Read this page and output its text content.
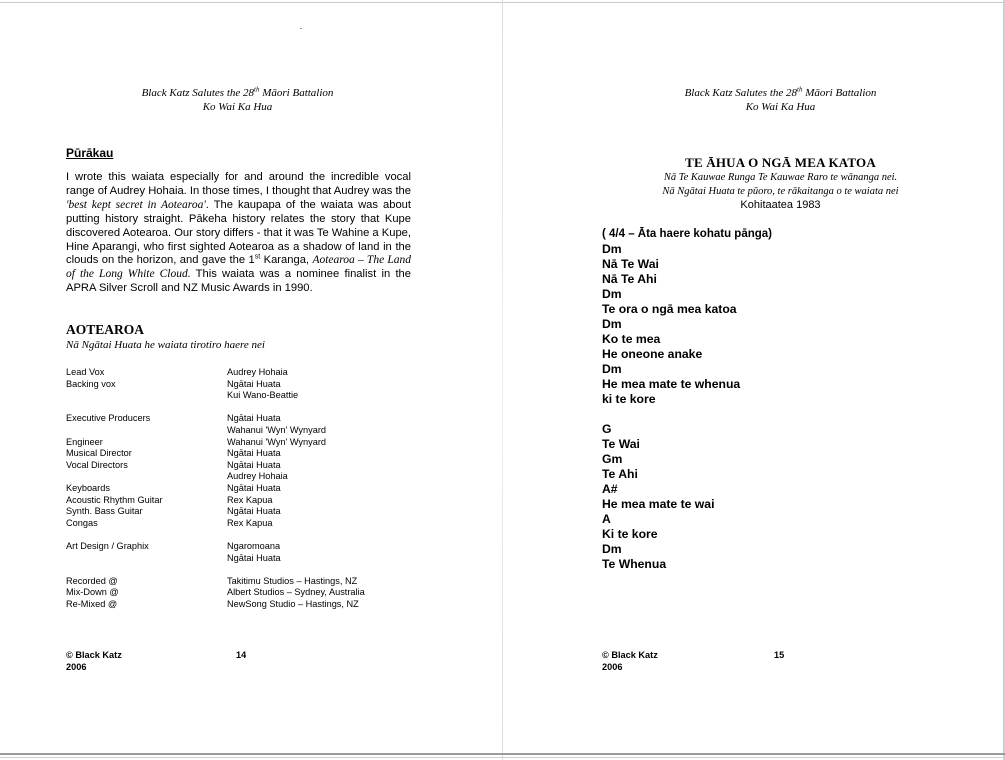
Black Katz Salutes the 28th Māori Battalion
Ko Wai Ka Hua
Pūrākau
I wrote this waiata especially for and around the incredible vocal range of Audrey Hohaia. In those times, I thought that Audrey was the 'best kept secret in Aotearoa'. The kaupapa of the waiata was about putting history straight. Pākeha history relates the story that Kupe discovered Aotearoa. Our story differs - that it was Te Wahine a Kupe, Hine Aparangi, who first sighted Aotearoa as a shadow of land in the clouds on the horizon, and gave the 1st Karanga, Aotearoa – The Land of the Long White Cloud. This waiata was a nominee finalist in the APRA Silver Scroll and NZ Music Awards in 1990.
AOTEAROA
Nā Ngātai Huata he waiata tirotiro haere nei
Lead Vox	Audrey Hohaia
Backing vox	Ngātai Huata
Kui Wano-Beattie
Executive Producers	Ngātai Huata
Wahanui 'Wyn' Wynyard
Engineer	Wahanui 'Wyn' Wynyard
Musical Director	Ngātai Huata
Vocal Directors	Ngātai Huata
Audrey Hohaia
Keyboards	Ngātai Huata
Acoustic Rhythm Guitar	Rex Kapua
Synth. Bass Guitar	Ngātai Huata
Congas	Rex Kapua
Art Design / Graphix	Ngaromoana
Ngātai Huata
Recorded @	Takitimu Studios – Hastings, NZ
Mix-Down @	Albert Studios – Sydney, Australia
Re-Mixed @	NewSong Studio – Hastings, NZ
© Black Katz
2006
14
Black Katz Salutes the 28th Māori Battalion
Ko Wai Ka Hua
TE ĀHUA O NGĀ MEA KATOA
Nā Te Kauwae Runga Te Kauwae Raro te wānanga nei.
Nā Ngātai Huata te pūoro, te rākaitanga o te waiata nei
Kohitaatea 1983
( 4/4 – Āta haere kohatu pānga)
Dm
Nā Te Wai
Nā Te Ahi
Dm
Te ora o ngā mea katoa
Dm
Ko te mea
He oneone anake
Dm
He mea mate te whenua
ki te kore
G
Te Wai
Gm
Te Ahi
A#
He mea mate te wai
A
Ki te kore
Dm
Te Whenua
© Black Katz
2006
15
